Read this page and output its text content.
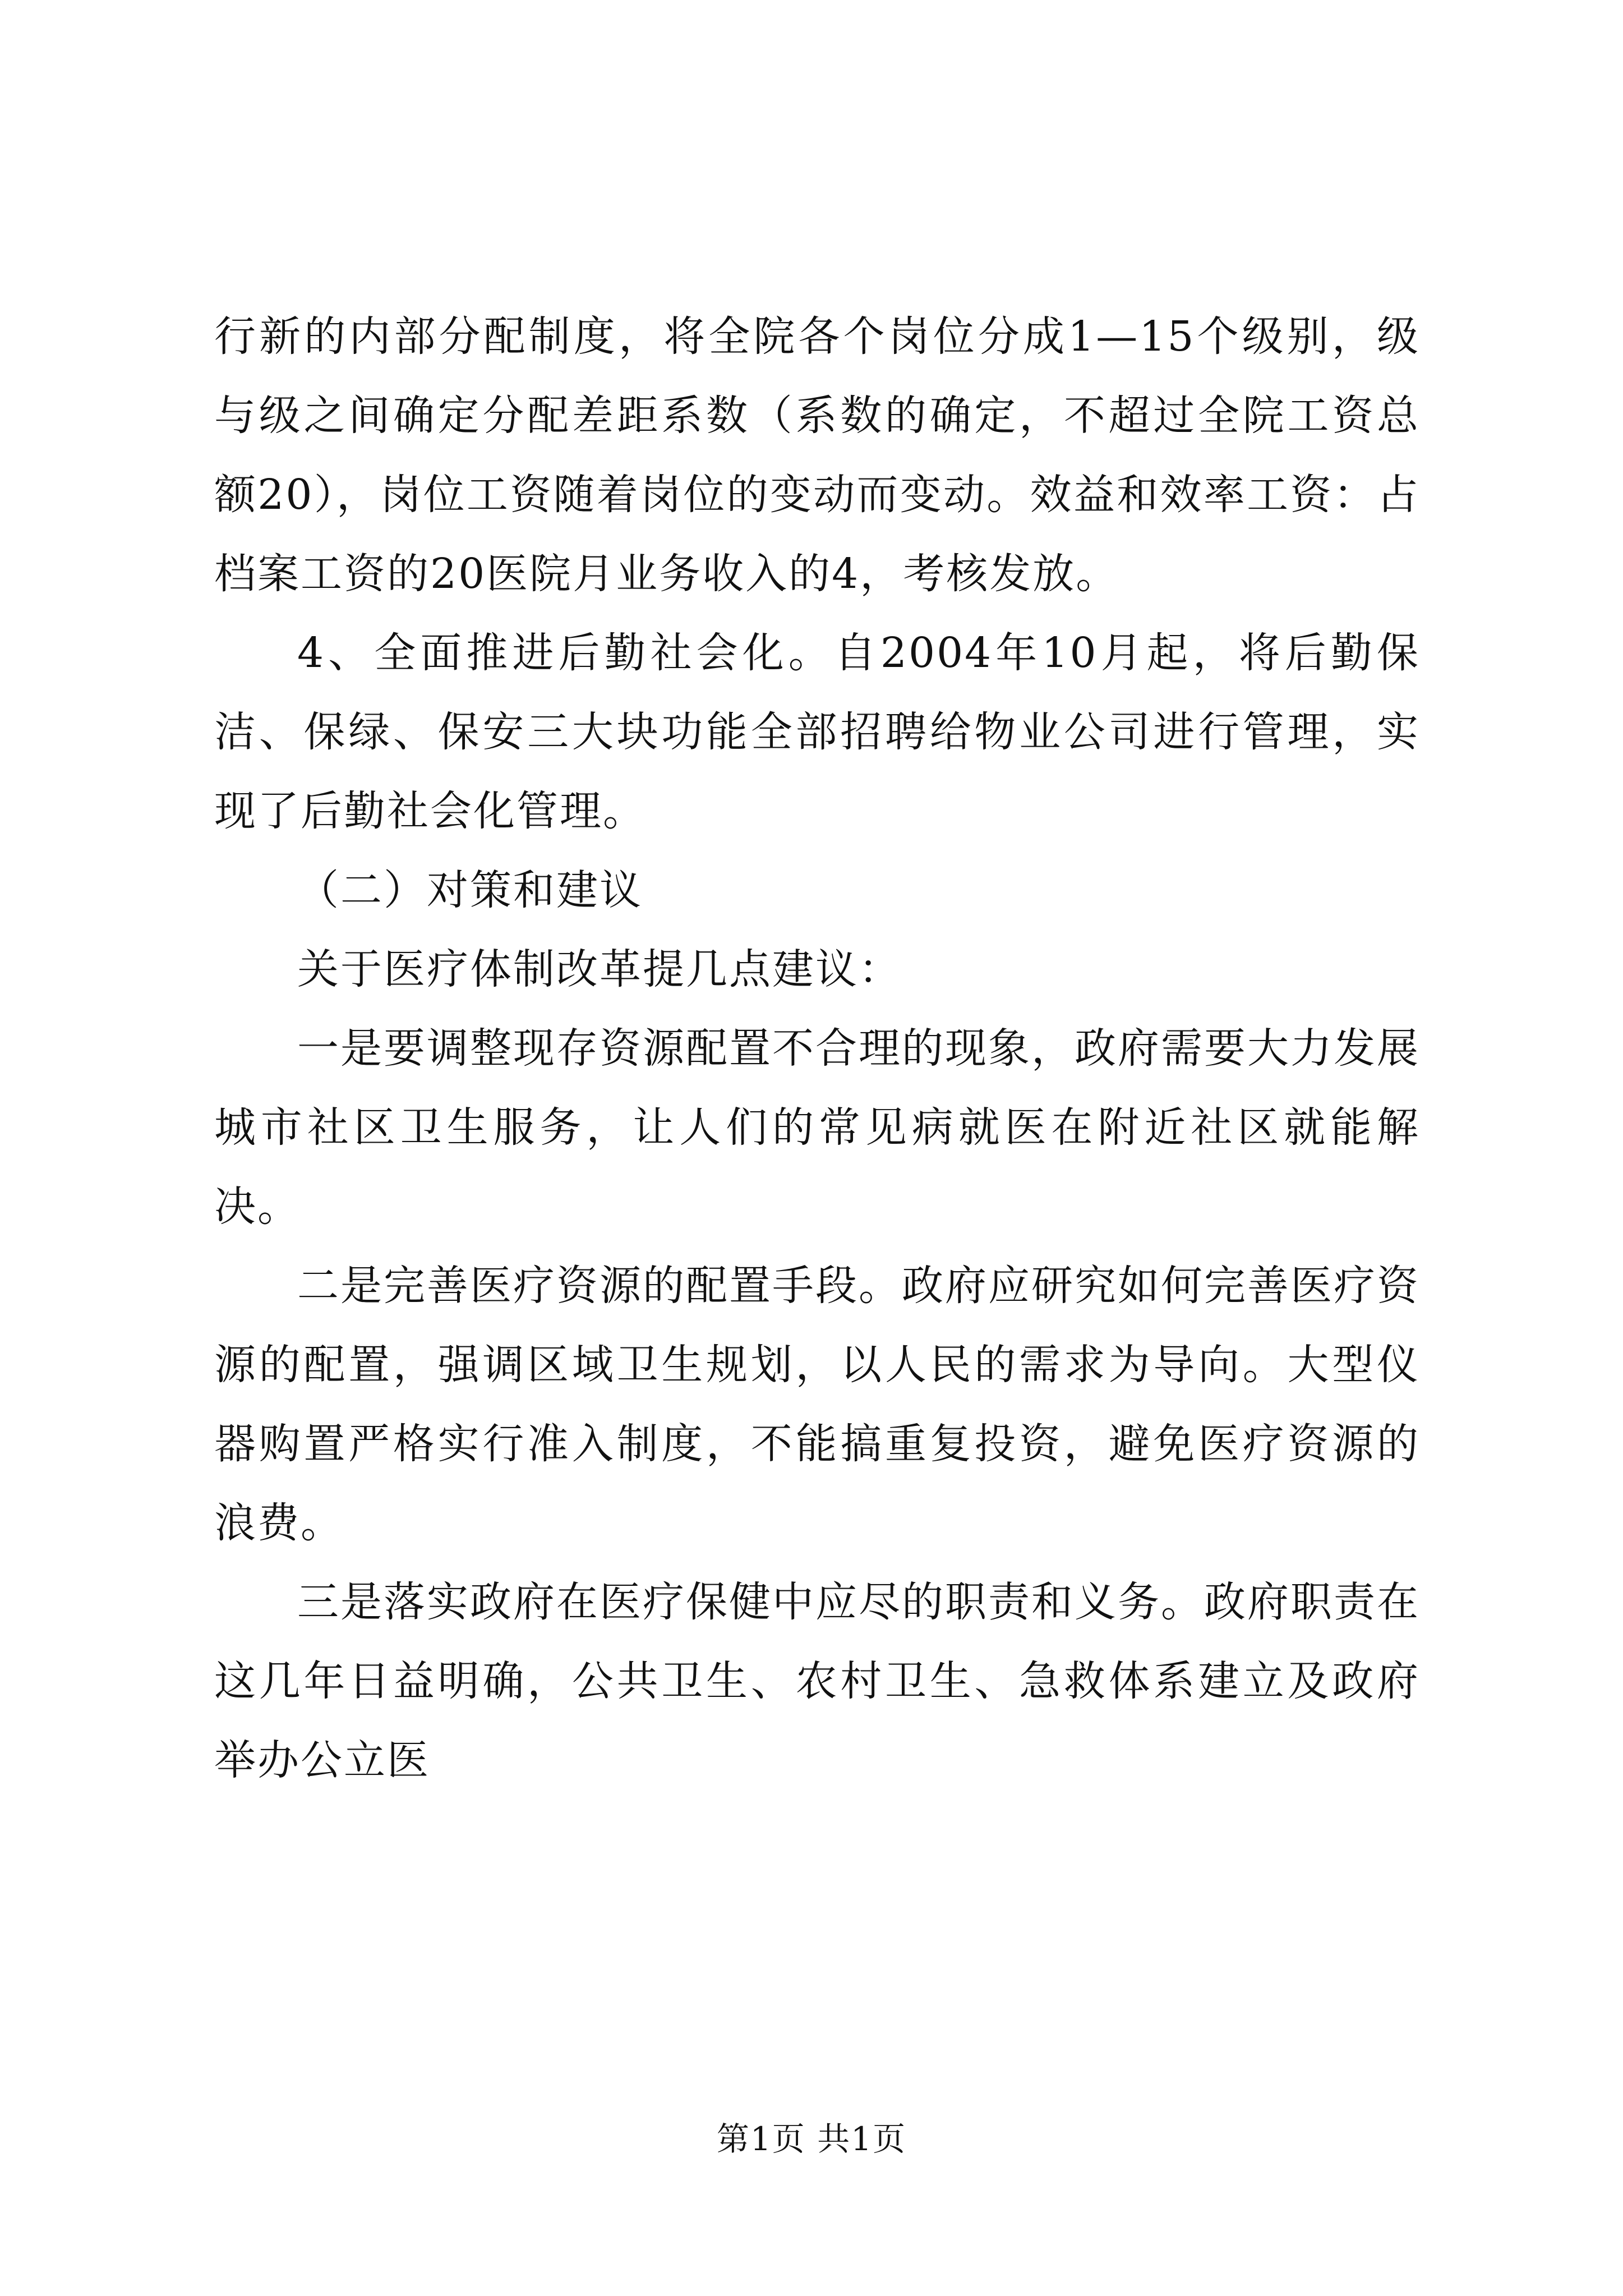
行新的内部分配制度，将全院各个岗位分成1—15个级别，级与级之间确定分配差距系数（系数的确定，不超过全院工资总额20），岗位工资随着岗位的变动而变动。效益和效率工资：占档案工资的20医院月业务收入的4，考核发放。

4、全面推进后勤社会化。自2004年10月起，将后勤保洁、保绿、保安三大块功能全部招聘给物业公司进行管理，实现了后勤社会化管理。

（二）对策和建议

关于医疗体制改革提几点建议：

一是要调整现存资源配置不合理的现象，政府需要大力发展城市社区卫生服务，让人们的常见病就医在附近社区就能解决。

二是完善医疗资源的配置手段。政府应研究如何完善医疗资源的配置，强调区域卫生规划，以人民的需求为导向。大型仪器购置严格实行准入制度，不能搞重复投资，避免医疗资源的浪费。

三是落实政府在医疗保健中应尽的职责和义务。政府职责在这几年日益明确，公共卫生、农村卫生、急救体系建立及政府举办公立医

第1页 共1页
